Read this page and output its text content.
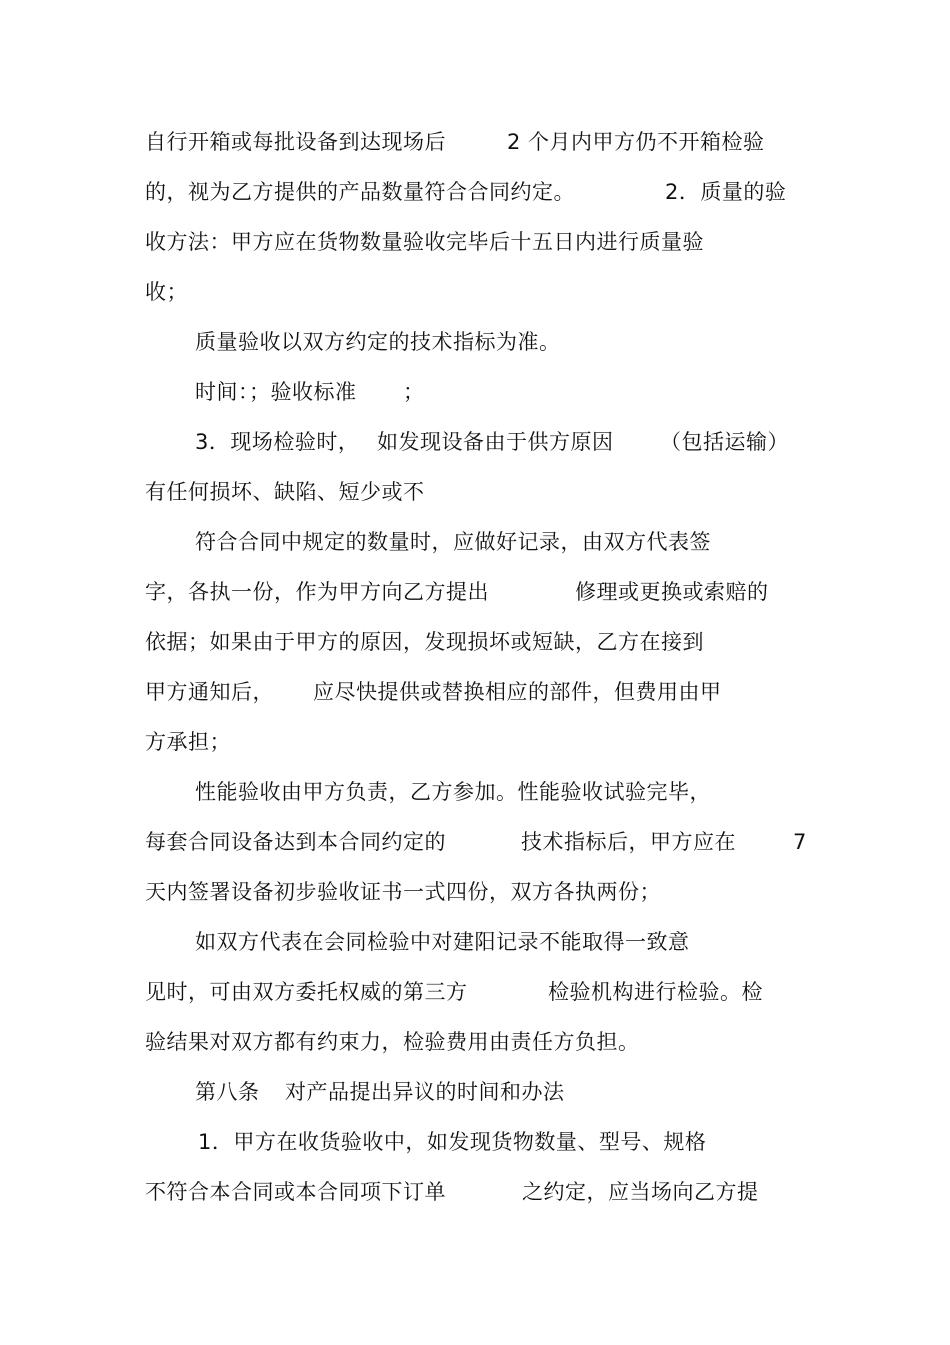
自行开箱或每批设备到达现场后	2 个月内甲方仍不开箱检验
的，视为乙方提供的产品数量符合合同约定。	2．质量的验
收方法：甲方应在货物数量验收完毕后十五日内进行质量验
收；
质量验收以双方约定的技术指标为准。
时间：；验收标准 ；
3．现场检验时， 如发现设备由于供方原因 （包括运输）
有任何损坏、缺陷、短少或不
符合合同中规定的数量时，应做好记录，由双方代表签
字，各执一份，作为甲方向乙方提出	修理或更换或索赔的
依据；如果由于甲方的原因，发现损坏或短缺，乙方在接到
甲方通知后， 应尽快提供或替换相应的部件，但费用由甲
方承担；
性能验收由甲方负责，乙方参加。性能验收试验完毕，
每套合同设备达到本合同约定的	技术指标后，甲方应在	7
天内签署设备初步验收证书一式四份，双方各执两份；
如双方代表在会同检验中对建阳记录不能取得一致意
见时，可由双方委托权威的第三方	检验机构进行检验。检
验结果对双方都有约束力，检验费用由责任方负担。
第八条 对产品提出异议的时间和办法
1．甲方在收货验收中，如发现货物数量、型号、规格
不符合本合同或本合同项下订单	之约定，应当场向乙方提
